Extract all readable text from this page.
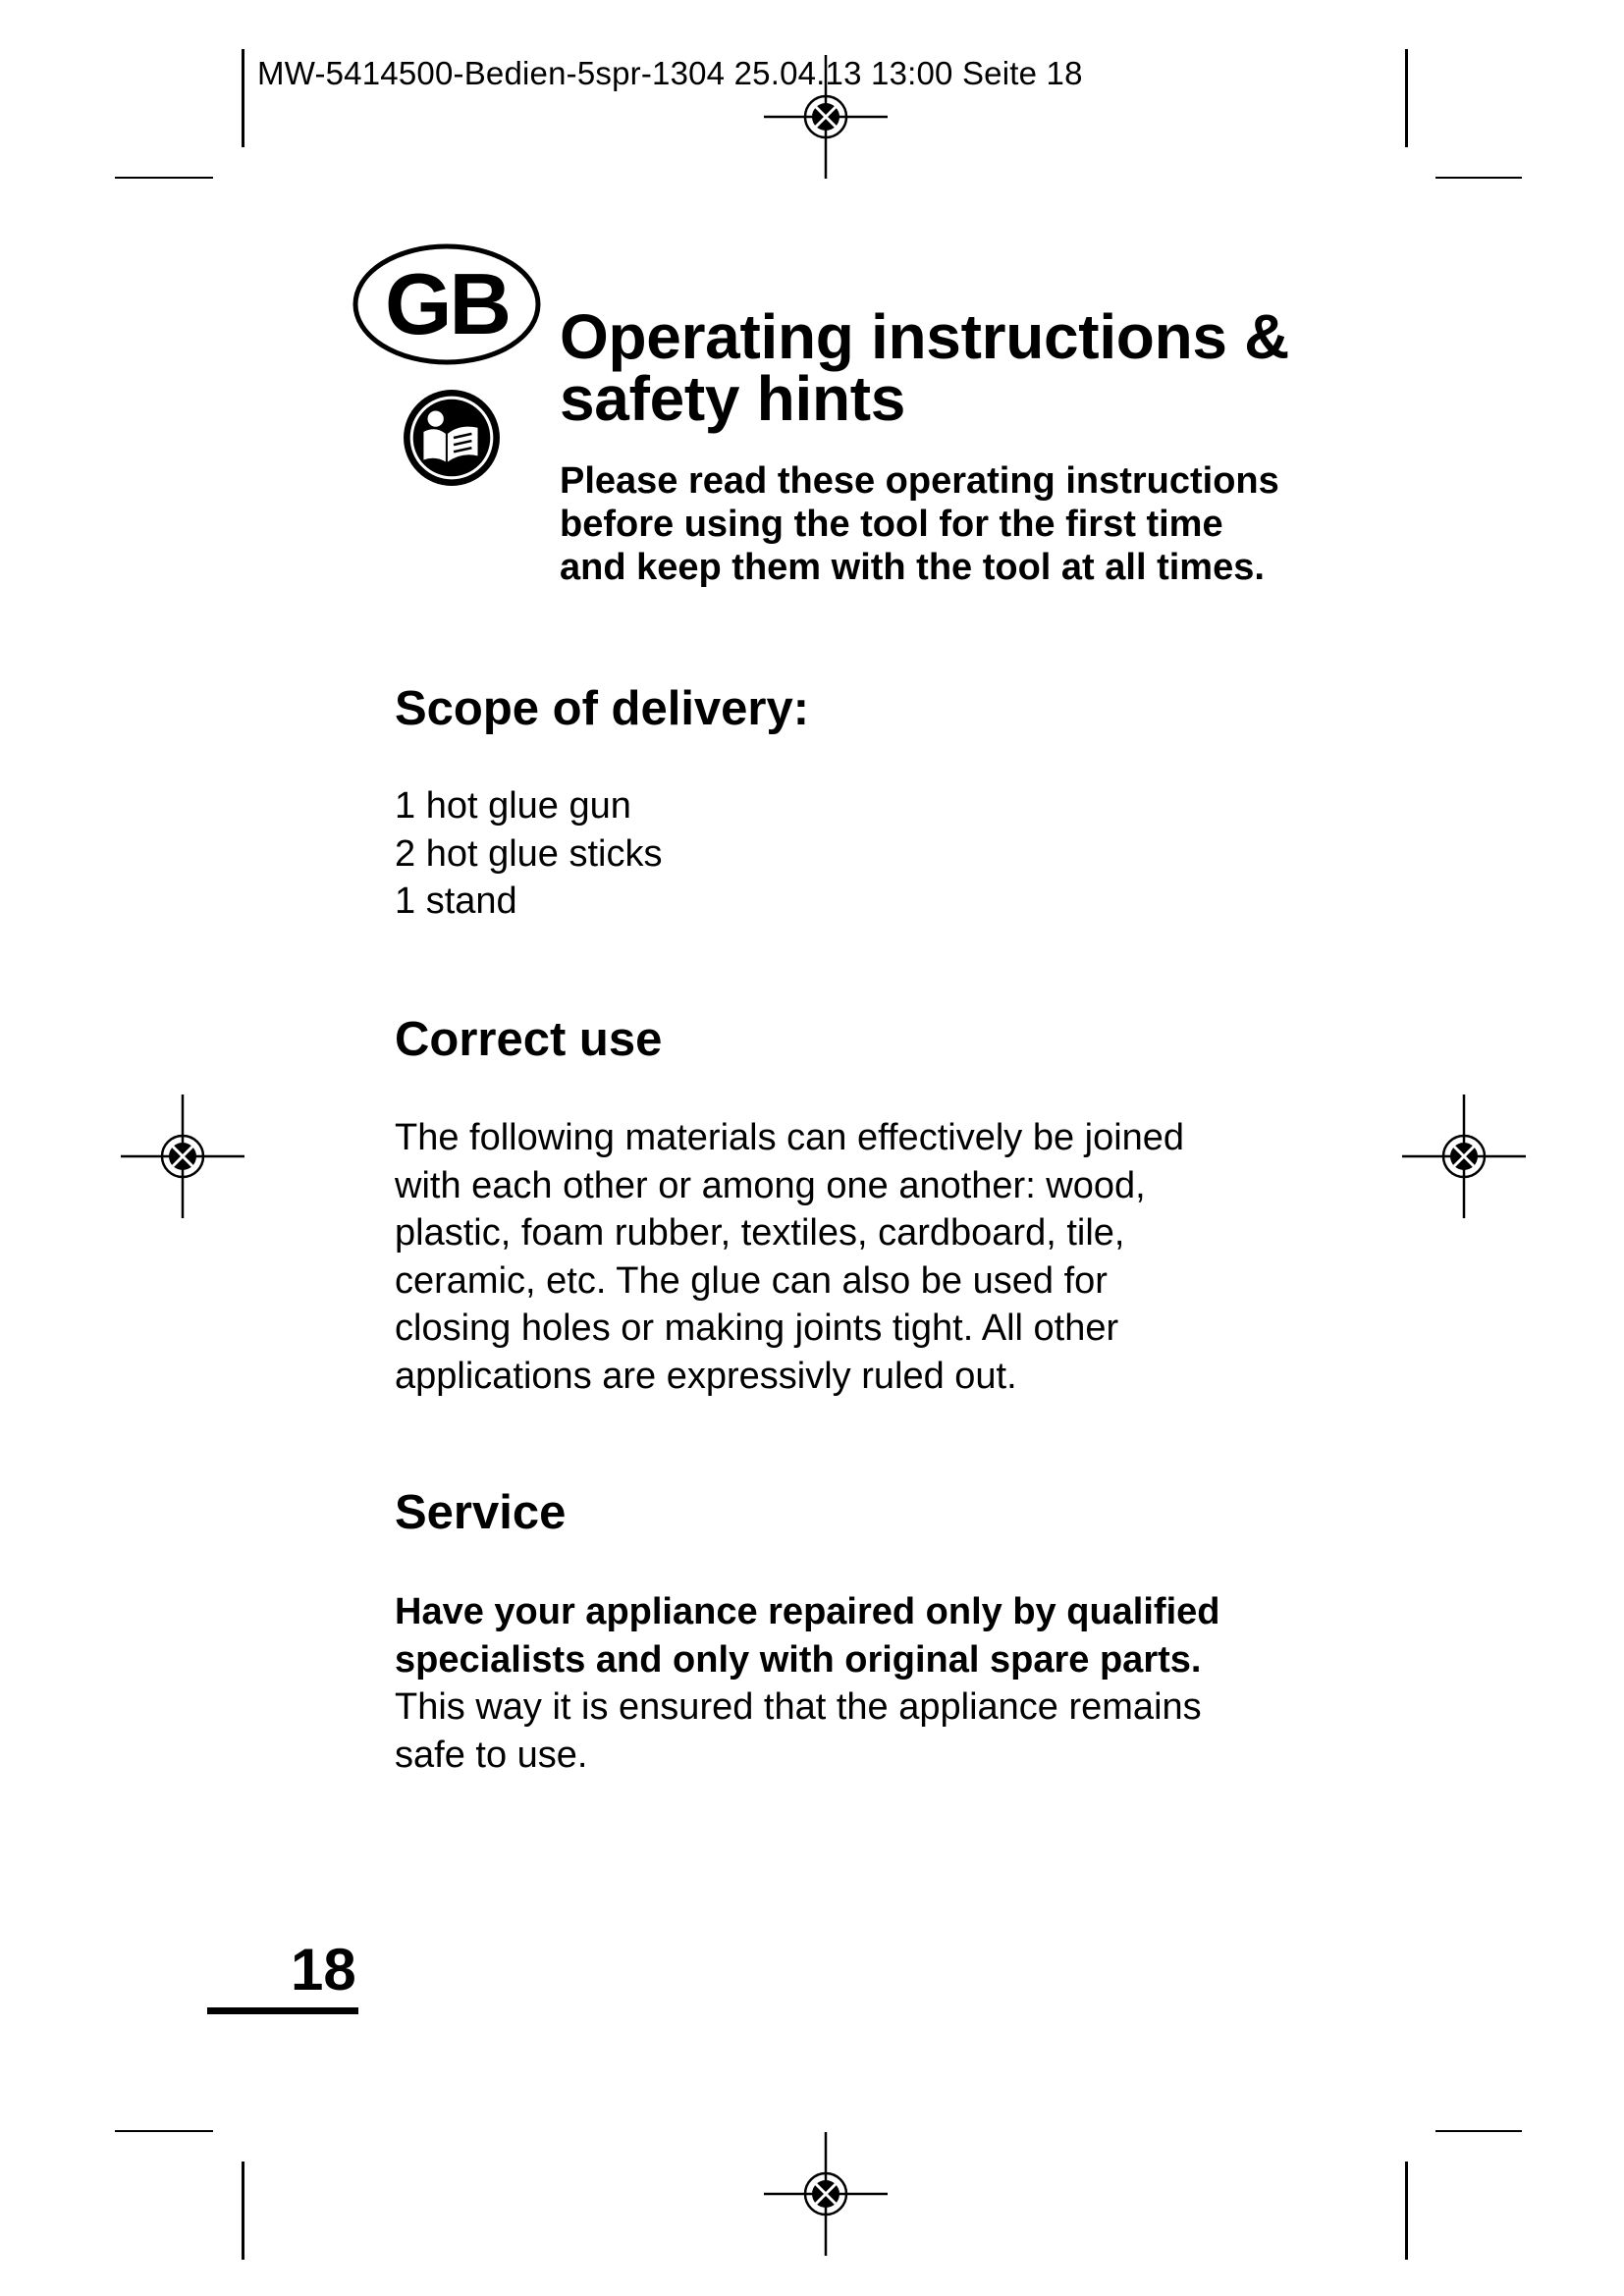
MW-5414500-Bedien-5spr-1304 25.04.13 13:00 Seite 18
GB Operating instructions &
safety hints

Please read these operating instructions
before using the tool for the first time
and keep them with the tool at all times.

Scope of delivery:
1 hot glue gun
2 hot glue sticks
1 stand
Correct use

The following materials can effectively be joined
with each other or among one another: wood,
plastic, foam rubber, textiles, cardboard, tile,
ceramic, etc. The glue can also be used for
closing holes or making joints tight. All other
applications are expressivly ruled out.

Service

Have your appliance repaired only by qualified
specialists and only with original spare parts.
This way it is ensured that the appliance remains
safe to use.

18
